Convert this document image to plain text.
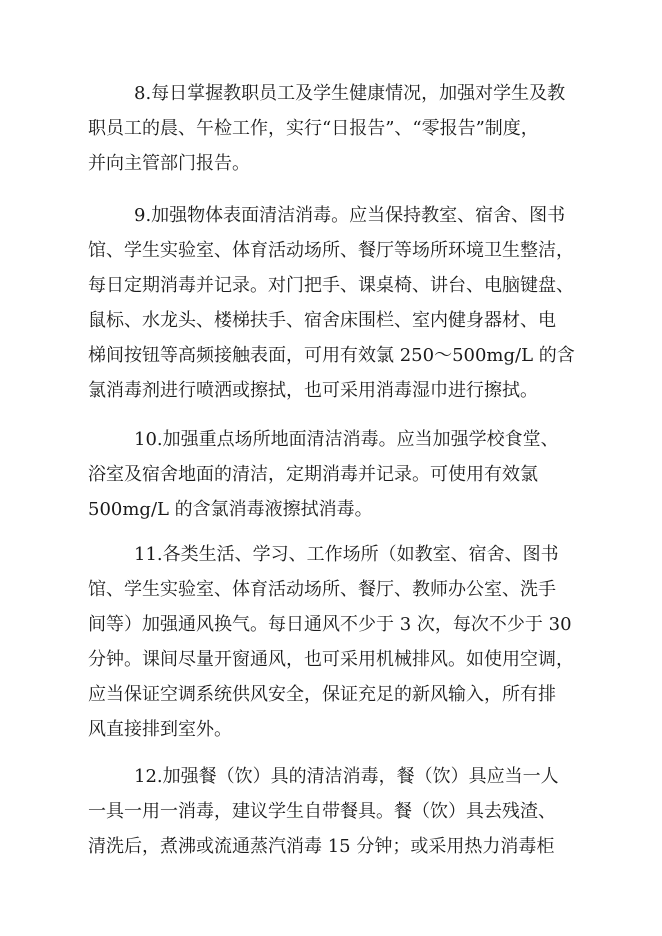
8.每日掌握教职员工及学生健康情况，加强对学生及教
职员工的晨、午检工作，实行“日报告”、“零报告”制度，
并向主管部门报告。
9.加强物体表面清洁消毒。应当保持教室、宿舍、图书
馆、学生实验室、体育活动场所、餐厅等场所环境卫生整洁，
每日定期消毒并记录。对门把手、课桌椅、讲台、电脑键盘、
鼠标、水龙头、楼梯扶手、宿舍床围栏、室内健身器材、电
梯间按钮等高频接触表面，可用有效氯 250～500mg/L 的含
氯消毒剂进行喷洒或擦拭，也可采用消毒湿巾进行擦拭。
10.加强重点场所地面清洁消毒。应当加强学校食堂、
浴室及宿舍地面的清洁，定期消毒并记录。可使用有效氯
500mg/L 的含氯消毒液擦拭消毒。
11.各类生活、学习、工作场所（如教室、宿舍、图书
馆、学生实验室、体育活动场所、餐厅、教师办公室、洗手
间等）加强通风换气。每日通风不少于 3 次，每次不少于 30
分钟。课间尽量开窗通风，也可采用机械排风。如使用空调，
应当保证空调系统供风安全，保证充足的新风输入，所有排
风直接排到室外。
12.加强餐（饮）具的清洁消毒，餐（饮）具应当一人
一具一用一消毒，建议学生自带餐具。餐（饮）具去残渣、
清洗后，煮沸或流通蒸汽消毒 15 分钟；或采用热力消毒柜
